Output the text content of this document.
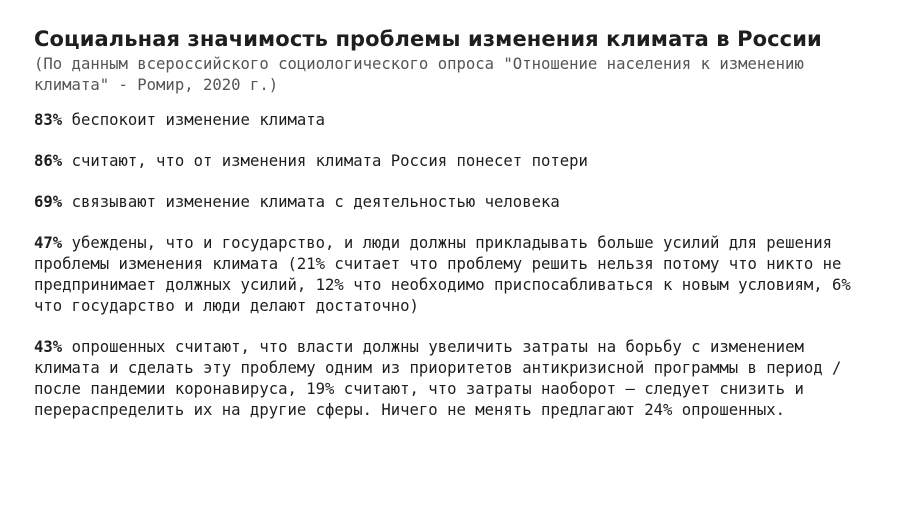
Социальная значимость проблемы изменения климата в России

(По данным всероссийского социологического опроса "Отношение населения к изменению климата" - Ромир, 2020 г.)

83% беспокоит изменение климата

86% считают, что от изменения климата Россия понесет потери

69% связывают изменение климата с деятельностью человека

47% убеждены, что и государство, и люди должны прикладывать больше усилий для решения проблемы изменения климата (21% считает что проблему решить нельзя потому что никто не предпринимает должных усилий, 12% что необходимо приспосабливаться к новым условиям, 6% что государство и люди делают достаточно)

43% опрошенных считают, что власти должны увеличить затраты на борьбу с изменением климата и сделать эту проблему одним из приоритетов антикризисной программы в период / после пандемии коронавируса, 19% считают, что затраты наоборот – следует снизить и перераспределить их на другие сферы. Ничего не менять предлагают 24% опрошенных.
